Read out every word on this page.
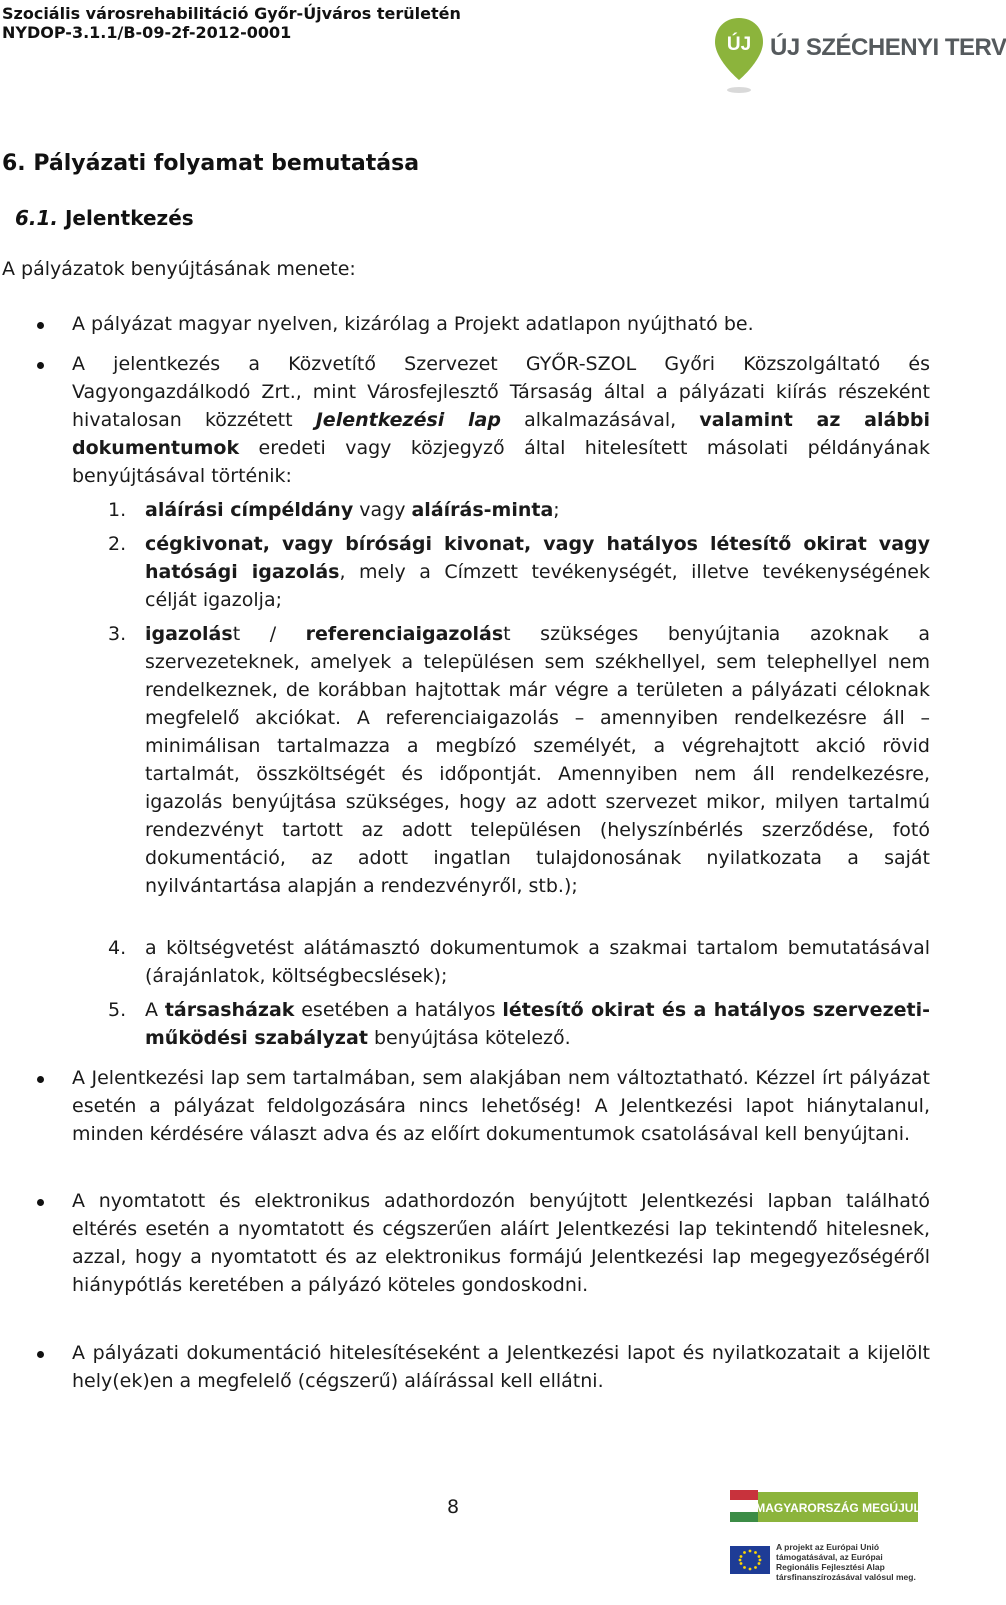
Szociális városrehabilitáció Győr-Újváros területén
NYDOP-3.1.1/B-09-2f-2012-0001
ÚJ ÚJ SZÉCHENYI TERV
6. Pályázati folyamat bemutatása
6.1. Jelentkezés

A pályázatok benyújtásának menete:

A pályázat magyar nyelven, kizárólag a Projekt adatlapon nyújtható be.

A jelentkezés a Közvetítő Szervezet GYŐR-SZOL Győri Közszolgáltató és Vagyongazdálkodó Zrt., mint Városfejlesztő Társaság által a pályázati kiírás részeként hivatalosan közzétett Jelentkezési lap alkalmazásával, valamint az alábbi dokumentumok eredeti vagy közjegyző által hitelesített másolati példányának benyújtásával történik:

1. aláírási címpéldány vagy aláírás-minta;
2. cégkivonat, vagy bírósági kivonat, vagy hatályos létesítő okirat vagy hatósági igazolás, mely a Címzett tevékenységét, illetve tevékenységének célját igazolja;
3. igazolást / referenciaigazolást szükséges benyújtania azoknak a szervezeteknek, amelyek a településen sem székhellyel, sem telephellyel nem rendelkeznek, de korábban hajtottak már végre a területen a pályázati céloknak megfelelő akciókat. A referenciaigazolás – amennyiben rendelkezésre áll – minimálisan tartalmazza a megbízó személyét, a végrehajtott akció rövid tartalmát, összköltségét és időpontját. Amennyiben nem áll rendelkezésre, igazolás benyújtása szükséges, hogy az adott szervezet mikor, milyen tartalmú rendezvényt tartott az adott településen (helyszínbérlés szerződése, fotó dokumentáció, az adott ingatlan tulajdonosának nyilatkozata a saját nyilvántartása alapján a rendezvényről, stb.);
4. a költségvetést alátámasztó dokumentumok a szakmai tartalom bemutatásával (árajánlatok, költségbecslések);
5. A társasházak esetében a hatályos létesítő okirat és a hatályos szervezeti-működési szabályzat benyújtása kötelező.

A Jelentkezési lap sem tartalmában, sem alakjában nem változtatható. Kézzel írt pályázat esetén a pályázat feldolgozására nincs lehetőség! A Jelentkezési lapot hiánytalanul, minden kérdésére választ adva és az előírt dokumentumok csatolásával kell benyújtani.

A nyomtatott és elektronikus adathordozón benyújtott Jelentkezési lapban található eltérés esetén a nyomtatott és cégszerűen aláírt Jelentkezési lap tekintendő hitelesnek, azzal, hogy a nyomtatott és az elektronikus formájú Jelentkezési lap megegyezőségéről hiánypótlás keretében a pályázó köteles gondoskodni.

A pályázati dokumentáció hitelesítéseként a Jelentkezési lapot és nyilatkozatait a kijelölt hely(ek)en a megfelelő (cégszerű) aláírással kell ellátni.

8	MAGYARORSZÁG MEGÚJUL
A projekt az Európai Unió támogatásával, az Európai Regionális Fejlesztési Alap társfinanszírozásával valósul meg.
